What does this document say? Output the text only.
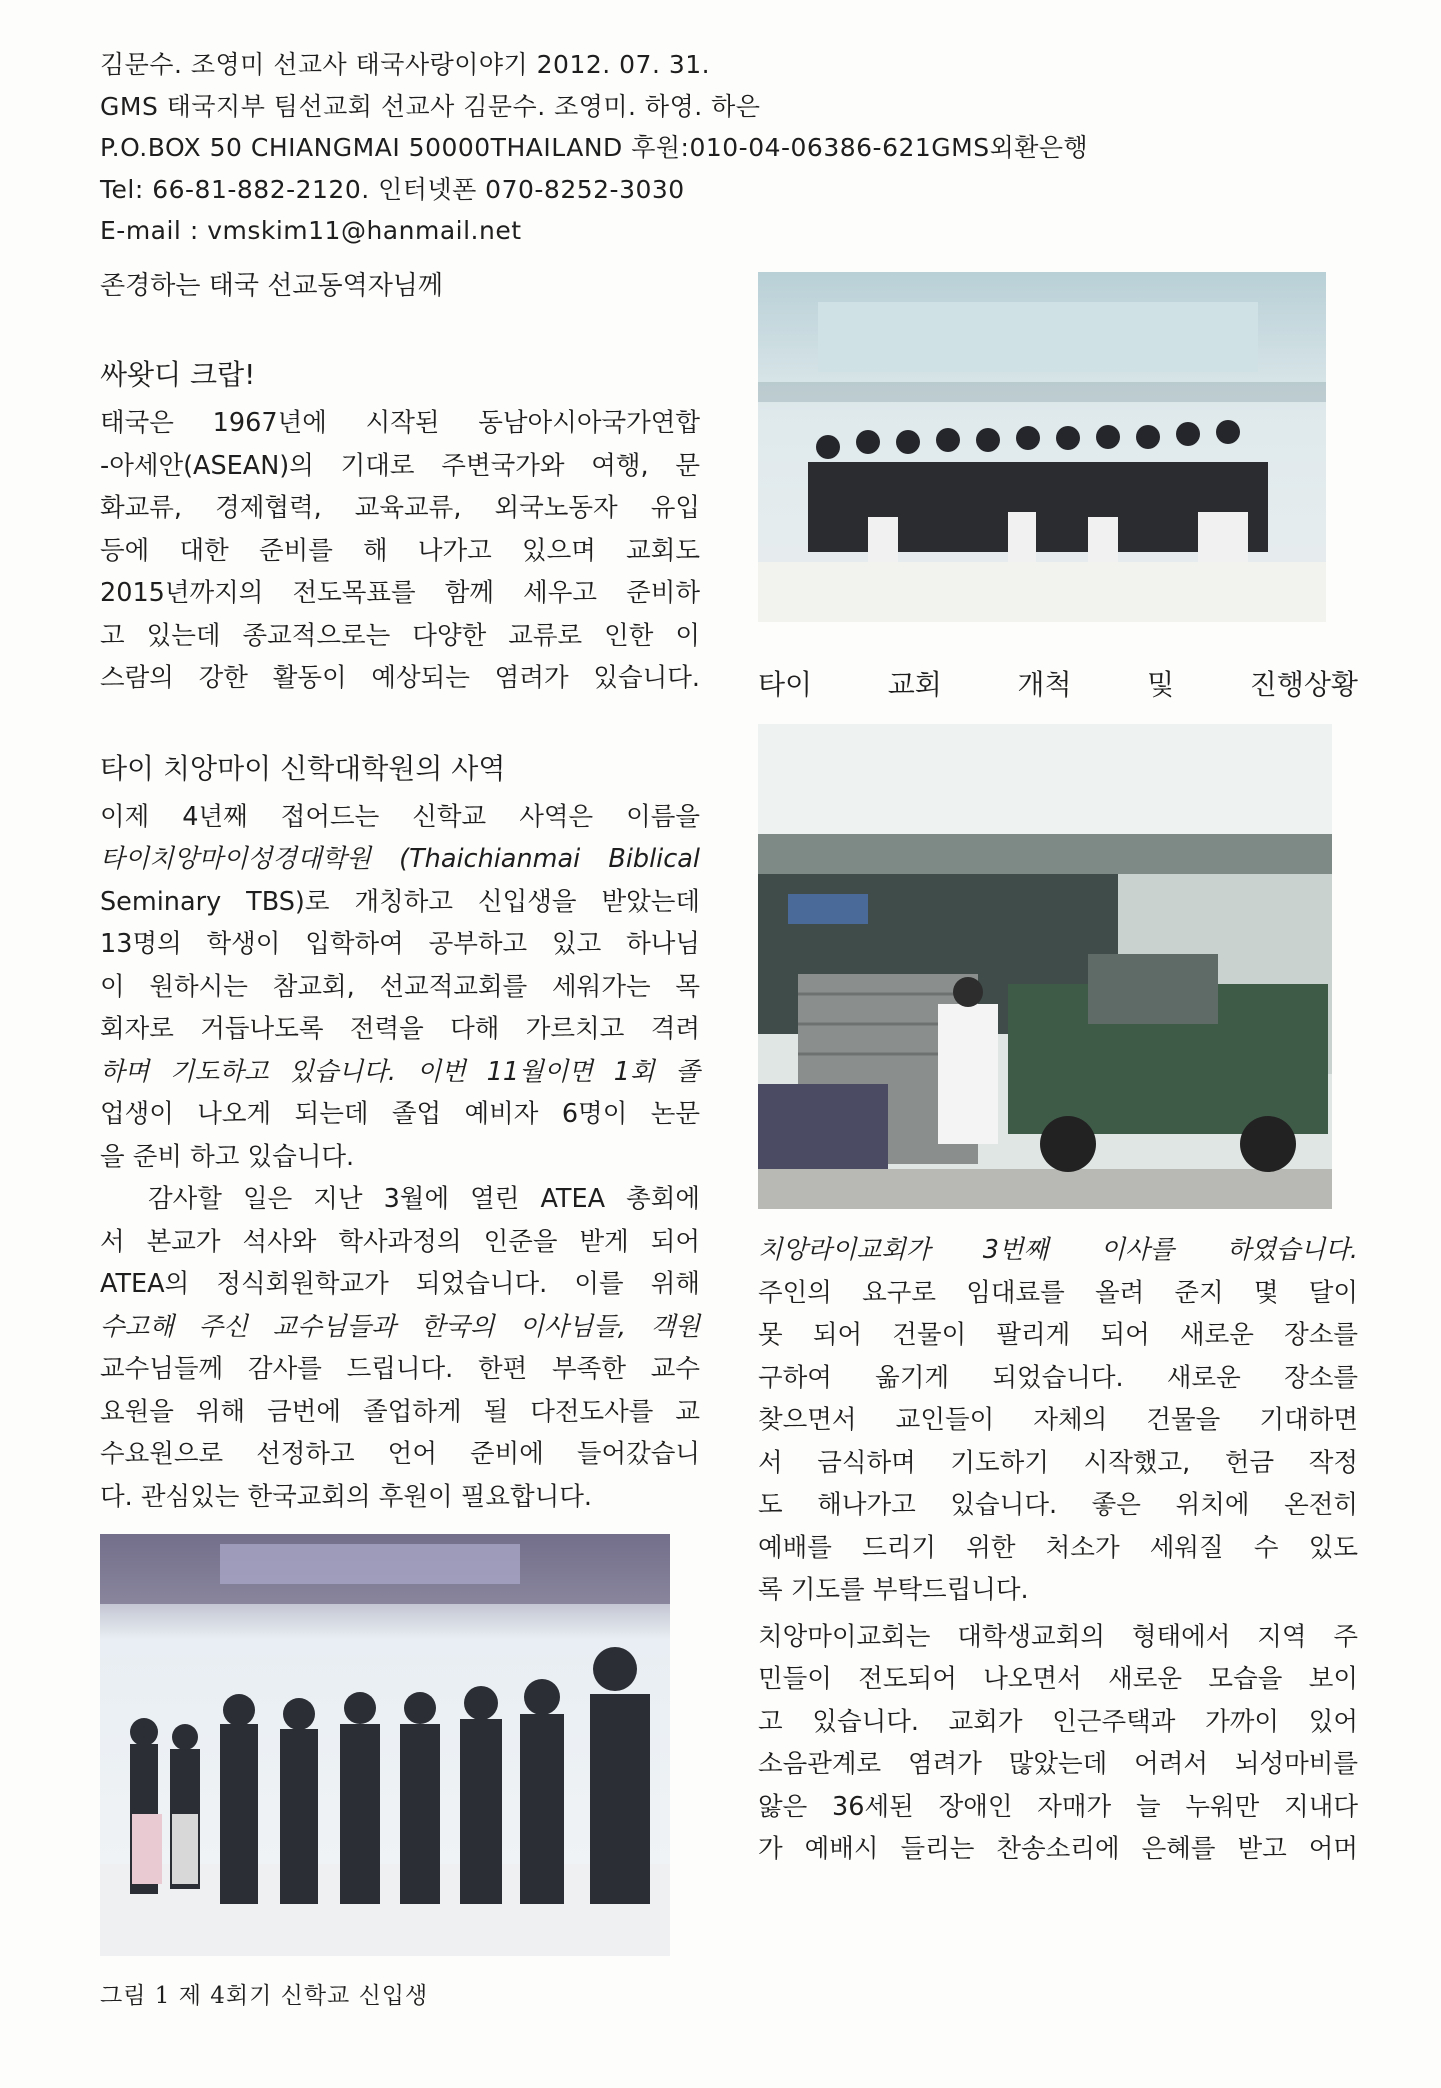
김문수. 조영미 선교사 태국사랑이야기 2012. 07. 31.
GMS 태국지부 팀선교회 선교사 김문수. 조영미. 하영. 하은
P.O.BOX 50 CHIANGMAI 50000THAILAND 후원:010-04-06386-621GMS외환은행
Tel: 66-81-882-2120. 인터넷폰 070-8252-3030
E-mail : vmskim11@hanmail.net
존경하는 태국 선교동역자님께
싸왓디 크랍!

태국은 1967년에 시작된 동남아시아국가연합

-아세안(ASEAN)의 기대로 주변국가와 여행, 문

화교류, 경제협력, 교육교류, 외국노동자 유입

등에 대한 준비를 해 나가고 있으며 교회도

2015년까지의 전도목표를 함께 세우고 준비하

고 있는데 종교적으로는 다양한 교류로 인한 이

스람의 강한 활동이 예상되는 염려가 있습니다.

타이 치앙마이 신학대학원의 사역

이제 4년째 접어드는 신학교 사역은 이름을

타이치앙마이성경대학원 (Thaichianmai Biblical

Seminary TBS)로 개칭하고 신입생을 받았는데

13명의 학생이 입학하여 공부하고 있고 하나님

이 원하시는 참교회, 선교적교회를 세워가는 목

회자로 거듭나도록 전력을 다해 가르치고 격려

하며 기도하고 있습니다. 이번 11월이면 1회 졸

업생이 나오게 되는데 졸업 예비자 6명이 논문

을 준비 하고 있습니다.

감사할 일은 지난 3월에 열린 ATEA 총회에

서 본교가 석사와 학사과정의 인준을 받게 되어

ATEA의 정식회원학교가 되었습니다. 이를 위해

수고해 주신 교수님들과 한국의 이사님들, 객원

교수님들께 감사를 드립니다. 한편 부족한 교수

요원을 위해 금번에 졸업하게 될 다전도사를 교

수요원으로 선정하고 언어 준비에 들어갔습니

다. 관심있는 한국교회의 후원이 필요합니다.

그림 1 제 4회기 신학교 신입생
타이	교회	개척	및	진행상황

치앙라이교회가 3번째 이사를 하였습니다.

주인의 요구로 임대료를 올려 준지 몇 달이

못 되어 건물이 팔리게 되어 새로운 장소를

구하여 옮기게 되었습니다. 새로운 장소를

찾으면서 교인들이 자체의 건물을 기대하면

서 금식하며 기도하기 시작했고, 헌금 작정

도 해나가고 있습니다. 좋은 위치에 온전히

예배를 드리기 위한 처소가 세워질 수 있도

록 기도를 부탁드립니다.

치앙마이교회는 대학생교회의 형태에서 지역 주

민들이 전도되어 나오면서 새로운 모습을 보이

고 있습니다. 교회가 인근주택과 가까이 있어

소음관계로 염려가 많았는데 어려서 뇌성마비를

앓은 36세된 장애인 자매가 늘 누워만 지내다

가 예배시 들리는 찬송소리에 은혜를 받고 어머
